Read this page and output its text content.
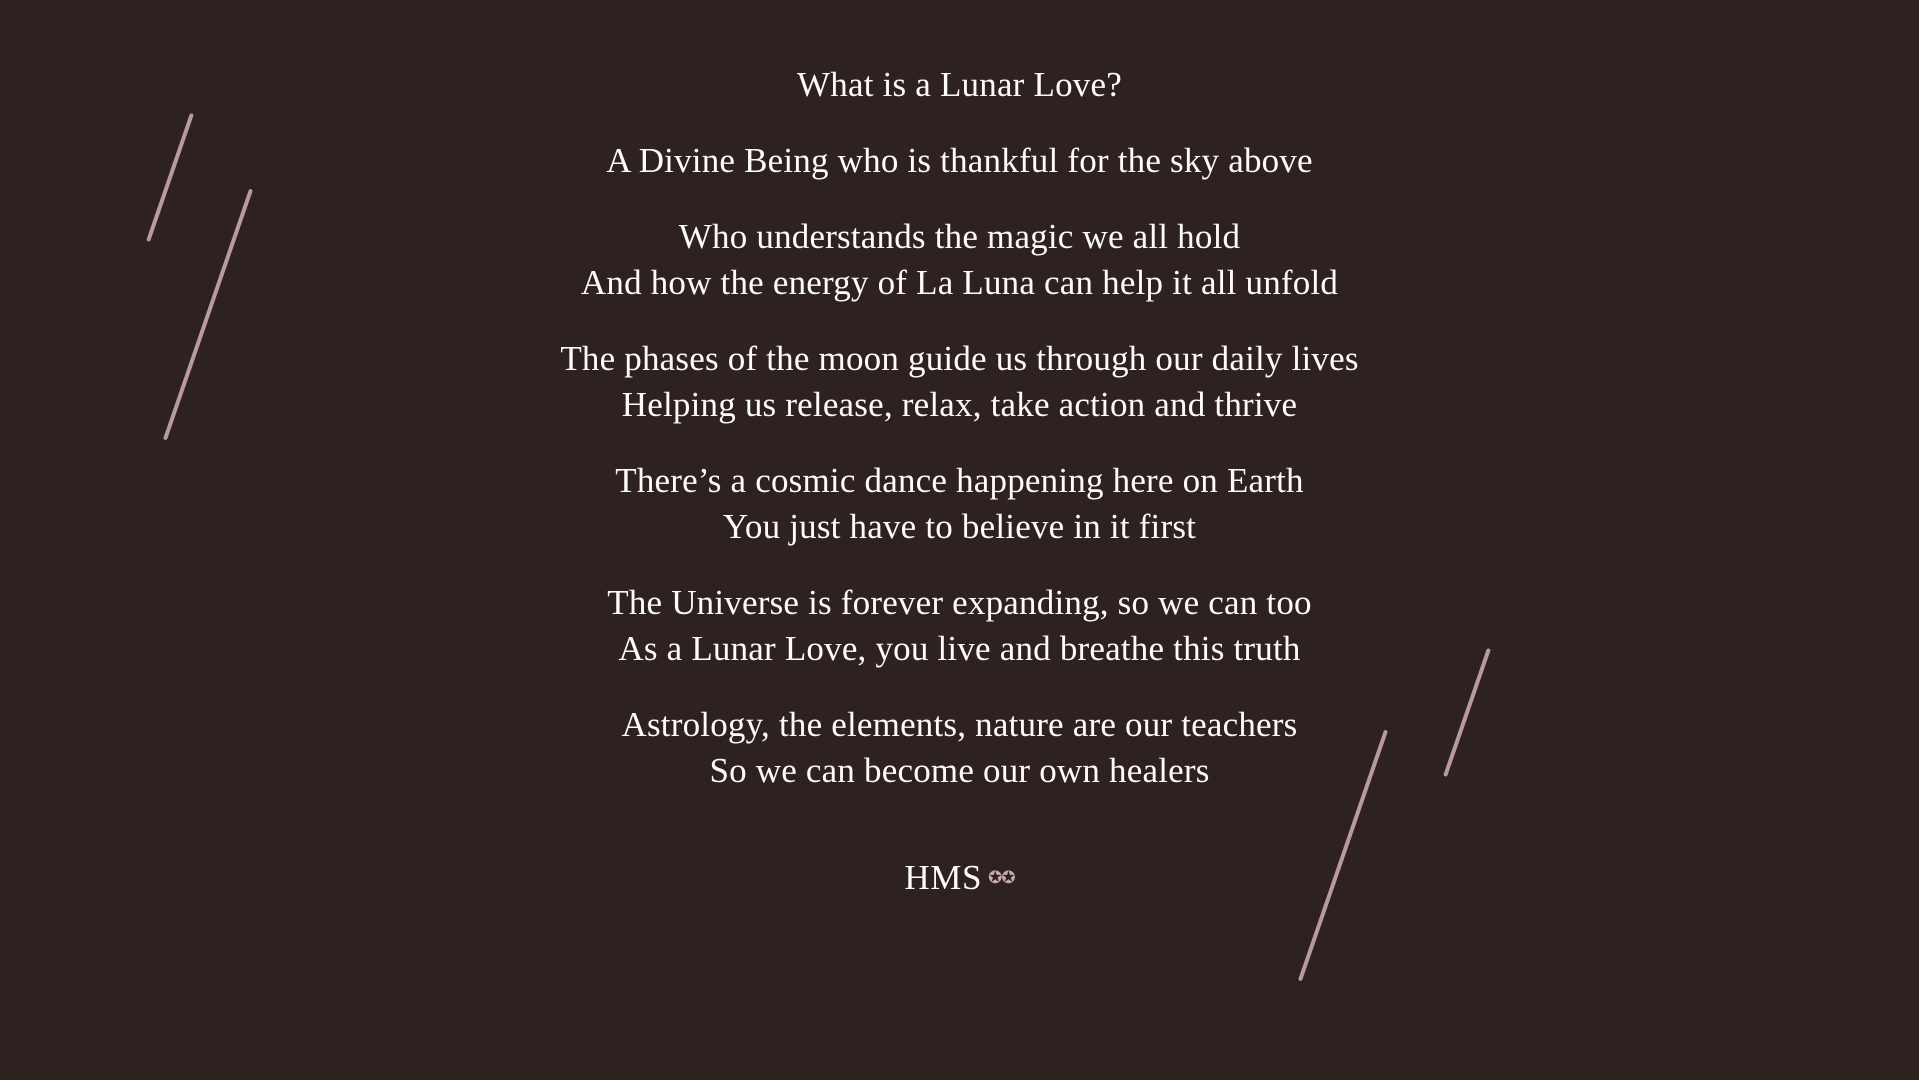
What is a Lunar Love?
A Divine Being who is thankful for the sky above
Who understands the magic we all hold
And how the energy of La Luna can help it all unfold
The phases of the moon guide us through our daily lives
Helping us release, relax, take action and thrive
There’s a cosmic dance happening here on Earth
You just have to believe in it first
The Universe is forever expanding, so we can too
As a Lunar Love, you live and breathe this truth
Astrology, the elements, nature are our teachers
So we can become our own healers
HMS ✪✪
